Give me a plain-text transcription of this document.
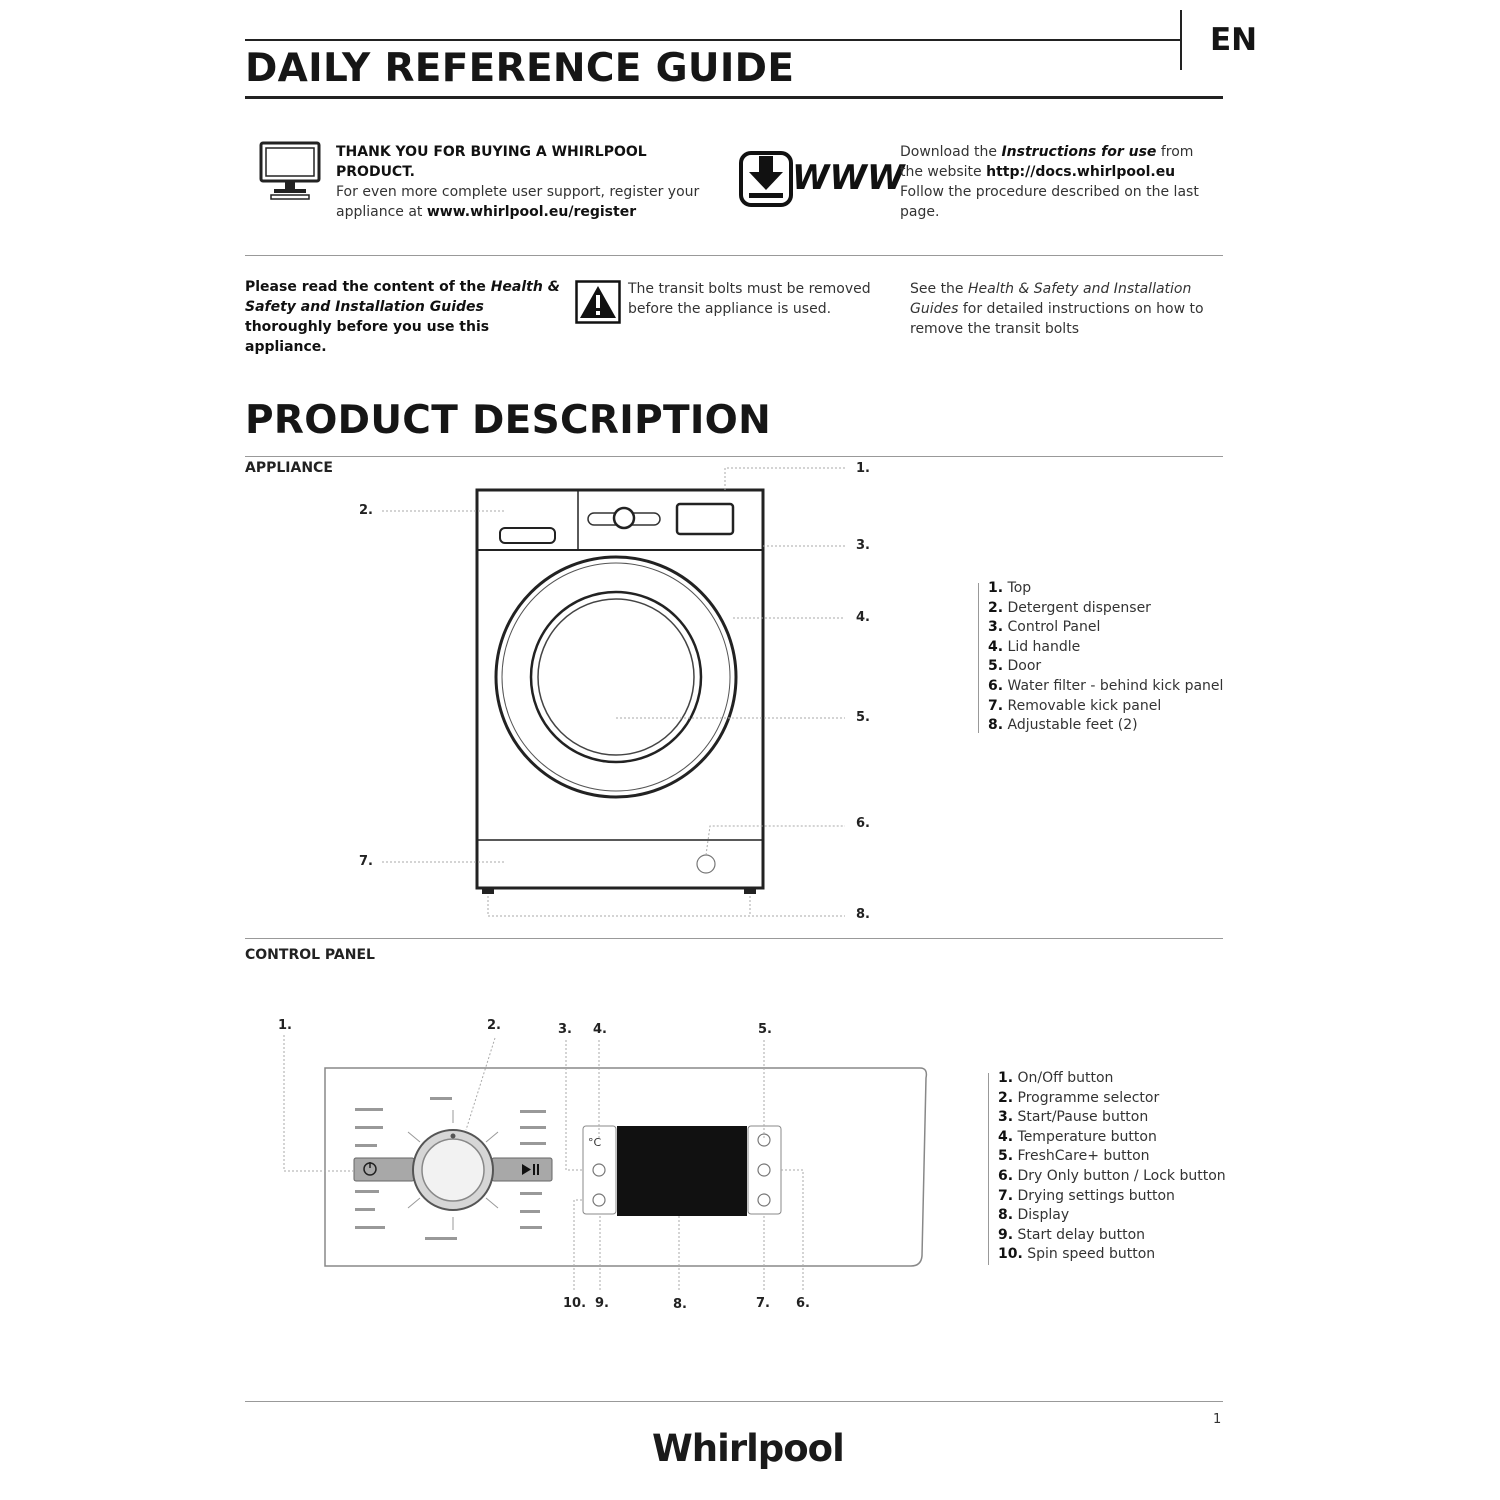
EN
DAILY REFERENCE GUIDE
THANK YOU FOR BUYING A WHIRLPOOL PRODUCT.
For even more complete user support, register your appliance at www.whirlpool.eu/register
WWW
Download the Instructions for use from the website http://docs.whirlpool.eu
Follow the procedure described on the last page.
Please read the content of the Health & Safety and Installation Guides thoroughly before you use this appliance.
The transit bolts must be removed before the appliance is used.
See the Health & Safety and Installation Guides for detailed instructions on how to remove the transit bolts
PRODUCT DESCRIPTION
APPLIANCE	1.
2.
3.
4.
5.
6.
7.
8.
1. Top
2. Detergent dispenser
3. Control Panel
4. Lid handle
5. Door
6. Water filter - behind kick panel
7. Removable kick panel
8. Adjustable feet (2)
CONTROL PANEL
°C
1.	2.	3. 4.	5.
10. 9.	8.	7. 6.
1. On/Off button
2. Programme selector
3. Start/Pause button
4. Temperature button
5. FreshCare+ button
6. Dry Only button / Lock button
7. Drying settings button
8. Display
9. Start delay button
10. Spin speed button
1
Whirlpool
